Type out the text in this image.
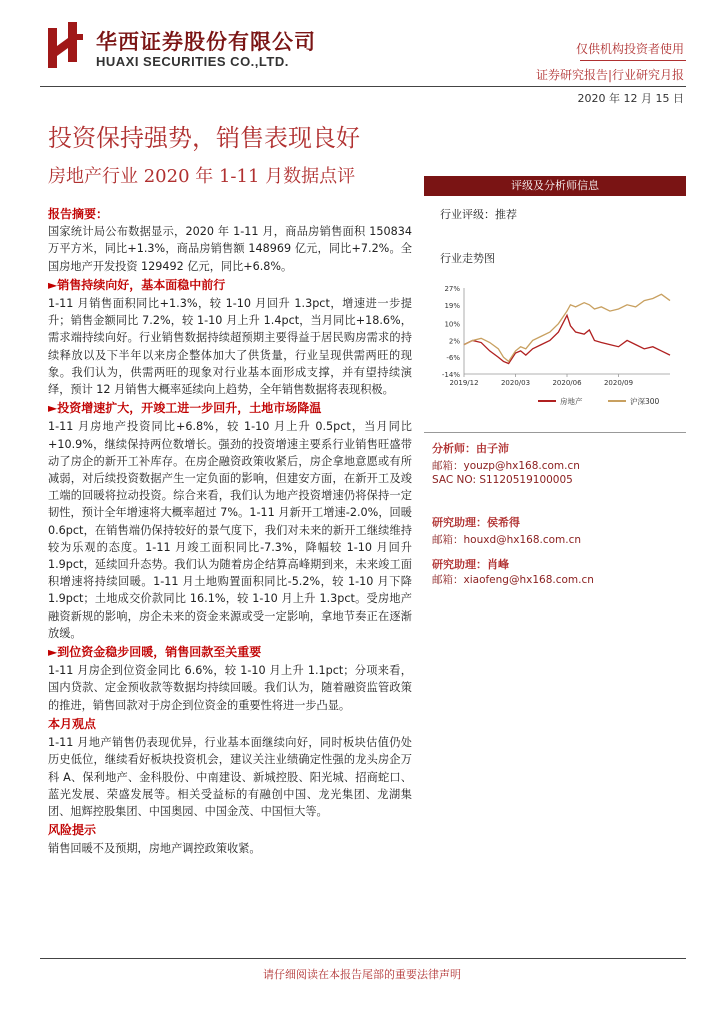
华西证券股份有限公司
HUAXI SECURITIES CO.,LTD.
仅供机构投资者使用
证券研究报告|行业研究月报
2020 年 12 月 15 日
投资保持强势，销售表现良好
房地产行业 2020 年 1-11 月数据点评
报告摘要：

国家统计局公布数据显示，2020 年 1-11 月，商品房销售面积 150834 万平方米，同比+1.3%，商品房销售额 148969 亿元，同比+7.2%。全国房地产开发投资 129492 亿元，同比+6.8%。

►销售持续向好，基本面稳中前行

1-11 月销售面积同比+1.3%，较 1-10 月回升 1.3pct，增速进一步提升；销售金额同比 7.2%，较 1-10 月上升 1.4pct，当月同比+18.6%，需求端持续向好。行业销售数据持续超预期主要得益于居民购房需求的持续释放以及下半年以来房企整体加大了供货量，行业呈现供需两旺的现象。我们认为，供需两旺的现象对行业基本面形成支撑，并有望持续演绎，预计 12 月销售大概率延续向上趋势，全年销售数据将表现积极。

►投资增速扩大，开竣工进一步回升，土地市场降温

1-11 月房地产投资同比+6.8%，较 1-10 月上升 0.5pct，当月同比+10.9%，继续保持两位数增长。强劲的投资增速主要系行业销售旺盛带动了房企的新开工补库存。在房企融资政策收紧后，房企拿地意愿或有所减弱，对后续投资数据产生一定负面的影响，但建安方面，在新开工及竣工端的回暖将拉动投资。综合来看，我们认为地产投资增速仍将保持一定韧性，预计全年增速将大概率超过 7%。1-11 月新开工增速-2.0%，回暖 0.6pct，在销售端仍保持较好的景气度下，我们对未来的新开工继续维持较为乐观的态度。1-11 月竣工面积同比-7.3%，降幅较 1-10 月回升 1.9pct，延续回升态势。我们认为随着房企结算高峰期到来，未来竣工面积增速将持续回暖。1-11 月土地购置面积同比-5.2%，较 1-10 月下降 1.9pct；土地成交价款同比 16.1%，较 1-10 月上升 1.3pct。受房地产融资新规的影响，房企未来的资金来源或受一定影响，拿地节奏正在逐渐放缓。

►到位资金稳步回暖，销售回款至关重要

1-11 月房企到位资金同比 6.6%，较 1-10 月上升 1.1pct；分项来看，国内贷款、定金预收款等数据均持续回暖。我们认为，随着融资监管政策的推进，销售回款对于房企到位资金的重要性将进一步凸显。

本月观点

1-11 月地产销售仍表现优异，行业基本面继续向好，同时板块估值仍处历史低位，继续看好板块投资机会，建议关注业绩确定性强的龙头房企万科 A、保利地产、金科股份、中南建设、新城控股、阳光城、招商蛇口、蓝光发展、荣盛发展等。相关受益标的有融创中国、龙光集团、龙湖集团、旭辉控股集团、中国奥园、中国金茂、中国恒大等。

风险提示

销售回暖不及预期，房地产调控政策收紧。

评级及分析师信息
行业评级：推荐
行业走势图
27%
19%
10%
2%
-6%
-14%
2019/12	2020/03	2020/06	2020/09
房地产	沪深300
分析师：由子沛
邮箱：youzp@hx168.com.cn
SAC NO: S1120519100005
研究助理：侯希得
邮箱：houxd@hx168.com.cn
研究助理：肖峰
邮箱：xiaofeng@hx168.com.cn
请仔细阅读在本报告尾部的重要法律声明
